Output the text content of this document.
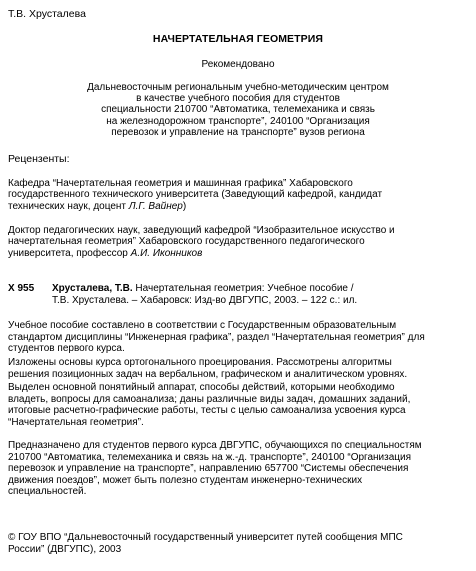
Т.В. Хрусталева

НАЧЕРТАТЕЛЬНАЯ ГЕОМЕТРИЯ

Рекомендовано

Дальневосточным региональным учебно-методическим центром
в качестве учебного пособия для студентов
специальности 210700 “Автоматика, телемеханика и связь
на железнодорожном транспорте”, 240100 “Организация
перевозок и управление на транспорте” вузов региона

Рецензенты:

Кафедра “Начертательная геометрия и машинная графика” Хабаровского
государственного технического университета (Заведующий кафедрой, кандидат
технических наук, доцент Л.Г. Вайнер)

Доктор педагогических наук, заведующий кафедрой “Изобразительное искусство и
начертательная геометрия” Хабаровского государственного педагогического
университета, профессор А.И. Иконников

Х 955 Хрусталева, Т.В. Начертательная геометрия: Учебное пособие /
Т.В. Хрусталева. – Хабаровск: Изд-во ДВГУПС, 2003. – 122 с.: ил.

Учебное пособие составлено в соответствии с Государственным образовательным
стандартом дисциплины “Инженерная графика”, раздел “Начертательная геометрия” для
студентов первого курса.

Изложены основы курса ортогонального проецирования. Рассмотрены алгоритмы
решения позиционных задач на вербальном, графическом и аналитическом уровнях.

Выделен основной понятийный аппарат, способы действий, которыми необходимо
владеть, вопросы для самоанализа; даны различные виды задач, домашних заданий,
итоговые расчетно-графические работы, тесты с целью самоанализа усвоения курса
“Начертательная геометрия”.

Предназначено для студентов первого курса ДВГУПС, обучающихся по специальностям
210700 “Автоматика, телемеханика и связь на ж.-д. транспорте”, 240100 “Организация
перевозок и управление на транспорте”, направлению 657700 “Системы обеспечения
движения поездов”, может быть полезно студентам инженерно-технических
специальностей.

© ГОУ ВПО “Дальневосточный государственный университет путей сообщения МПС
России” (ДВГУПС), 2003
